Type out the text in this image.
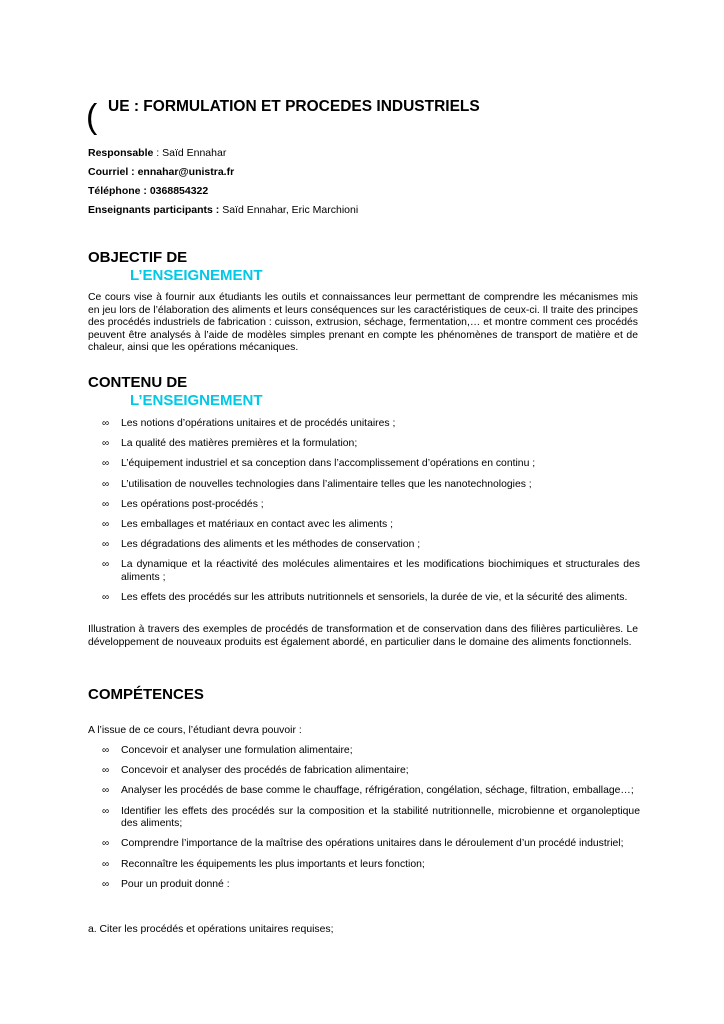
( UE : FORMULATION ET PROCEDES INDUSTRIELS
Responsable : Saïd Ennahar
Courriel : ennahar@unistra.fr
Téléphone : 0368854322
Enseignants participants : Saïd Ennahar, Eric Marchioni
OBJECTIF DE
L’ENSEIGNEMENT
Ce cours vise à fournir aux étudiants les outils et connaissances leur permettant de comprendre les mécanismes mis en jeu lors de l’élaboration des aliments et leurs conséquences sur les caractéristiques de ceux-ci. Il traite des principes des procédés industriels de fabrication : cuisson, extrusion, séchage, fermentation,… et montre comment ces procédés peuvent être analysés à l’aide de modèles simples prenant en compte les phénomènes de transport de matière et de chaleur, ainsi que les opérations mécaniques.
CONTENU DE
L’ENSEIGNEMENT
∞ Les notions d’opérations unitaires et de procédés unitaires ;
∞ La qualité des matières premières et la formulation;
∞ L’équipement industriel et sa conception dans l’accomplissement d’opérations en continu ;
∞ L’utilisation de nouvelles technologies dans l’alimentaire telles que les nanotechnologies ;
∞ Les opérations post-procédés ;
∞ Les emballages et matériaux en contact avec les aliments ;
∞ Les dégradations des aliments et les méthodes de conservation ;
∞ La dynamique et la réactivité des molécules alimentaires et les modifications biochimiques et structurales des aliments ;
∞ Les effets des procédés sur les attributs nutritionnels et sensoriels, la durée de vie, et la sécurité des aliments.
Illustration à travers des exemples de procédés de transformation et de conservation dans des filières particulières. Le développement de nouveaux produits est également abordé, en particulier dans le domaine des aliments fonctionnels.
COMPÉTENCES
A l’issue de ce cours, l’étudiant devra pouvoir :
∞ Concevoir et analyser une formulation alimentaire;
∞ Concevoir et analyser des procédés de fabrication alimentaire;
∞ Analyser les procédés de base comme le chauffage, réfrigération, congélation, séchage, filtration, emballage…;
∞ Identifier les effets des procédés sur la composition et la stabilité nutritionnelle, microbienne et organoleptique des aliments;
∞ Comprendre l’importance de la maîtrise des opérations unitaires dans le déroulement d’un procédé industriel;
∞ Reconnaître les équipements les plus importants et leurs fonction;
∞ Pour un produit donné :
a. Citer les procédés et opérations unitaires requises;
